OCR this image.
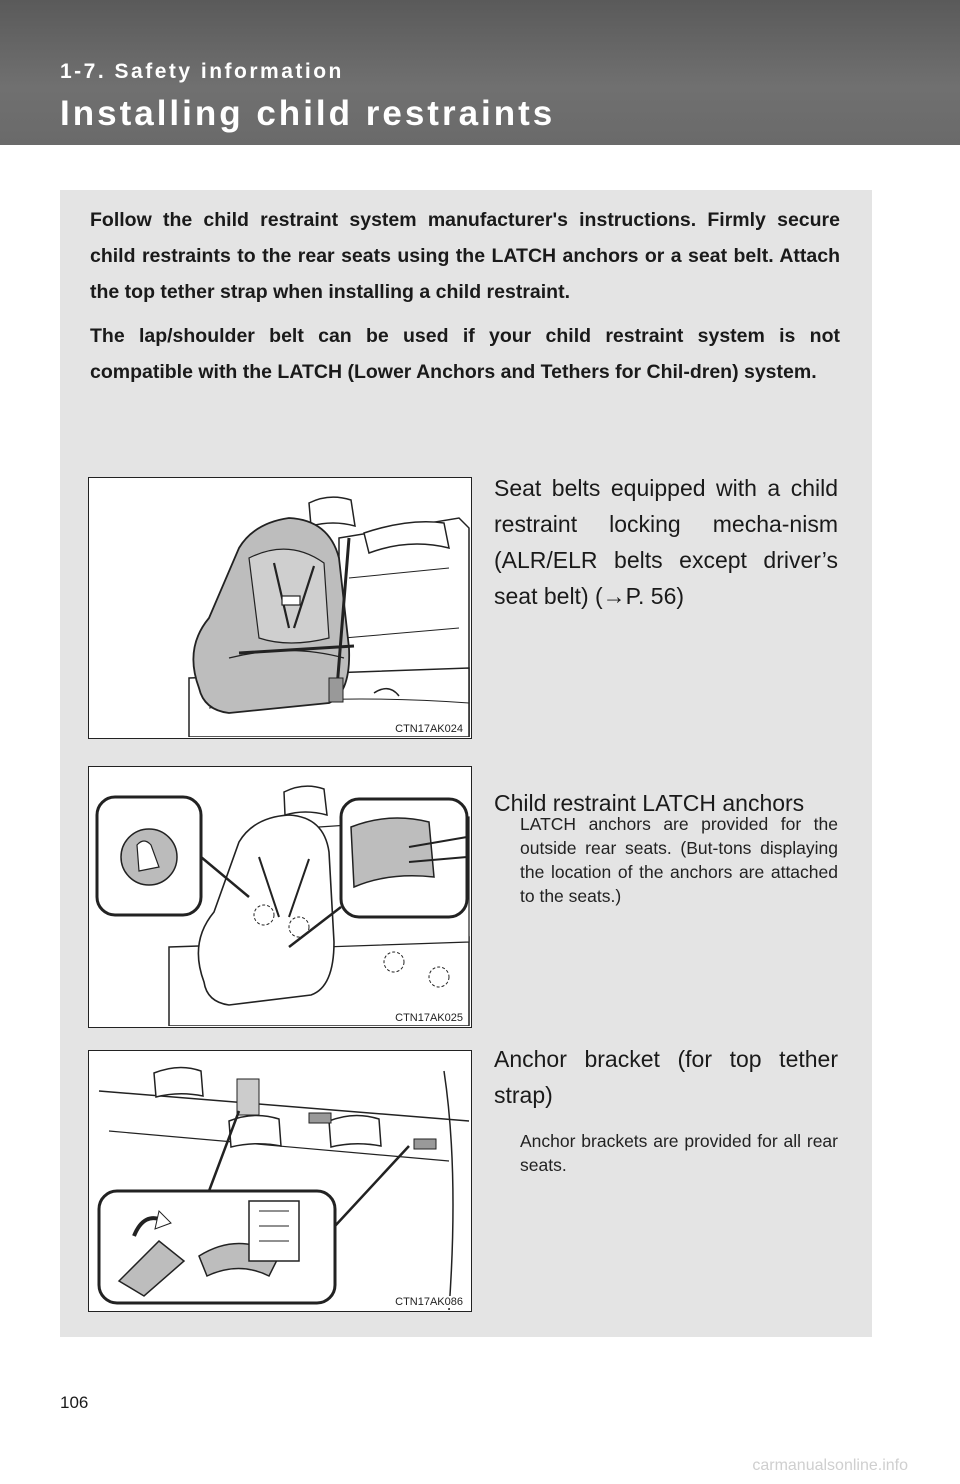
1-7. Safety information
Installing child restraints

Follow the child restraint system manufacturer's instructions. Firmly secure child restraints to the rear seats using the LATCH anchors or a seat belt. Attach the top tether strap when installing a child restraint.

The lap/shoulder belt can be used if your child restraint system is not compatible with the LATCH (Lower Anchors and Tethers for Chil-dren) system.

CTN17AK024

Seat belts equipped with a child restraint locking mecha-nism (ALR/ELR belts except driver’s seat belt) (→P. 56)

CTN17AK025

Child restraint LATCH anchors

LATCH anchors are provided for the outside rear seats. (But-tons displaying the location of the anchors are attached to the seats.)

CTN17AK086

Anchor bracket (for top tether strap)

Anchor brackets are provided for all rear seats.

106
carmanualsonline.info
